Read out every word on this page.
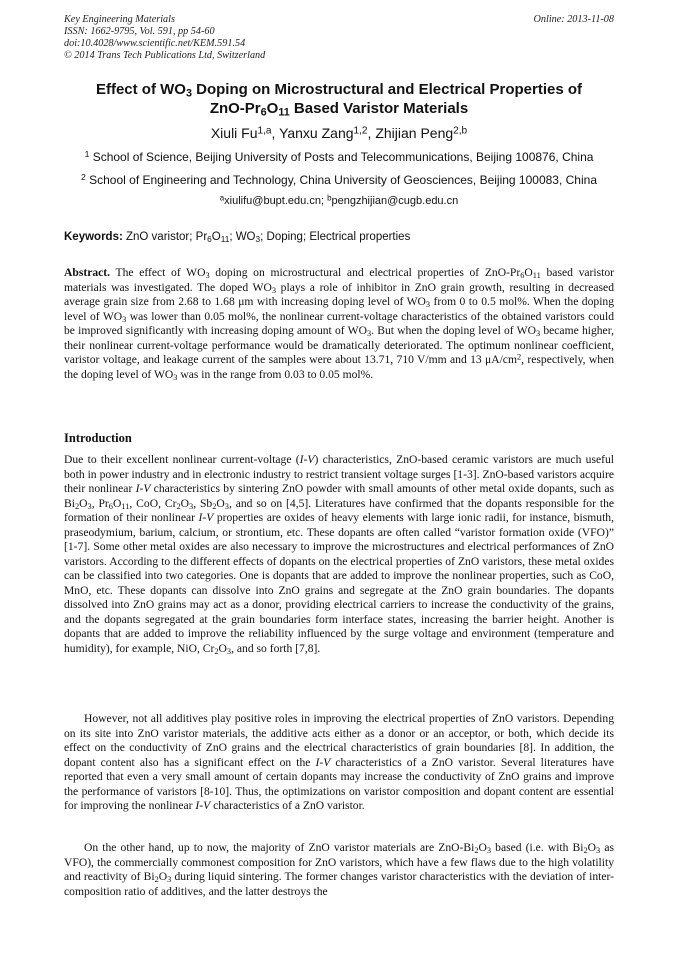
Key Engineering Materials
ISSN: 1662-9795, Vol. 591, pp 54-60
doi:10.4028/www.scientific.net/KEM.591.54
© 2014 Trans Tech Publications Ltd, Switzerland
Online: 2013-11-08
Effect of $WO_3$ Doping on Microstructural and Electrical Properties of
ZnO-$Pr_6O_{11}$ Based Varistor Materials
Xiuli Fu$^{1,a}$, Yanxu Zang$^{1,2}$, Zhijian Peng$^{2,b}$
$^1$ School of Science, Beijing University of Posts and Telecommunications, Beijing 100876, China
$^2$ School of Engineering and Technology, China University of Geosciences, Beijing 100083, China
$^a$xiulifu@bupt.edu.cn; $^b$pengzhijian@cugb.edu.cn
Keywords: ZnO varistor; $Pr_6O_{11}$; $WO_3$; Doping; Electrical properties
Abstract. The effect of $WO_3$ doping on microstructural and electrical properties of ZnO-$Pr_6O_{11}$ based varistor materials was investigated. The doped $WO_3$ plays a role of inhibitor in ZnO grain growth, resulting in decreased average grain size from 2.68 to 1.68 μm with increasing doping level of $WO_3$ from 0 to 0.5 mol%. When the doping level of $WO_3$ was lower than 0.05 mol%, the nonlinear current-voltage characteristics of the obtained varistors could be improved significantly with increasing doping amount of $WO_3$. But when the doping level of $WO_3$ became higher, their nonlinear current-voltage performance would be dramatically deteriorated. The optimum nonlinear coefficient, varistor voltage, and leakage current of the samples were about 13.71, 710 V/mm and 13 $\mu A/cm^2$, respectively, when the doping level of $WO_3$ was in the range from 0.03 to 0.05 mol%.
Introduction
Due to their excellent nonlinear current-voltage (I-V) characteristics, ZnO-based ceramic varistors are much useful both in power industry and in electronic industry to restrict transient voltage surges [1-3]. ZnO-based varistors acquire their nonlinear I-V characteristics by sintering ZnO powder with small amounts of other metal oxide dopants, such as $Bi_2O_3$, $Pr_6O_{11}$, CoO, $Cr_2O_3$, $Sb_2O_3$, and so on [4,5]. Literatures have confirmed that the dopants responsible for the formation of their nonlinear I-V properties are oxides of heavy elements with large ionic radii, for instance, bismuth, praseodymium, barium, calcium, or strontium, etc. These dopants are often called “varistor formation oxide (VFO)” [1-7]. Some other metal oxides are also necessary to improve the microstructures and electrical performances of ZnO varistors. According to the different effects of dopants on the electrical properties of ZnO varistors, these metal oxides can be classified into two categories. One is dopants that are added to improve the nonlinear properties, such as CoO, MnO, etc. These dopants can dissolve into ZnO grains and segregate at the ZnO grain boundaries. The dopants dissolved into ZnO grains may act as a donor, providing electrical carriers to increase the conductivity of the grains, and the dopants segregated at the grain boundaries form interface states, increasing the barrier height. Another is dopants that are added to improve the reliability influenced by the surge voltage and environment (temperature and humidity), for example, NiO, $Cr_2O_3$, and so forth [7,8].
However, not all additives play positive roles in improving the electrical properties of ZnO varistors. Depending on its site into ZnO varistor materials, the additive acts either as a donor or an acceptor, or both, which decide its effect on the conductivity of ZnO grains and the electrical characteristics of grain boundaries [8]. In addition, the dopant content also has a significant effect on the I-V characteristics of a ZnO varistor. Several literatures have reported that even a very small amount of certain dopants may increase the conductivity of ZnO grains and improve the performance of varistors [8-10]. Thus, the optimizations on varistor composition and dopant content are essential for improving the nonlinear I-V characteristics of a ZnO varistor.
On the other hand, up to now, the majority of ZnO varistor materials are ZnO-$Bi_2O_3$ based (i.e. with $Bi_2O_3$ as VFO), the commercially commonest composition for ZnO varistors, which have a few flaws due to the high volatility and reactivity of $Bi_2O_3$ during liquid sintering. The former changes varistor characteristics with the deviation of inter-composition ratio of additives, and the latter destroys the
